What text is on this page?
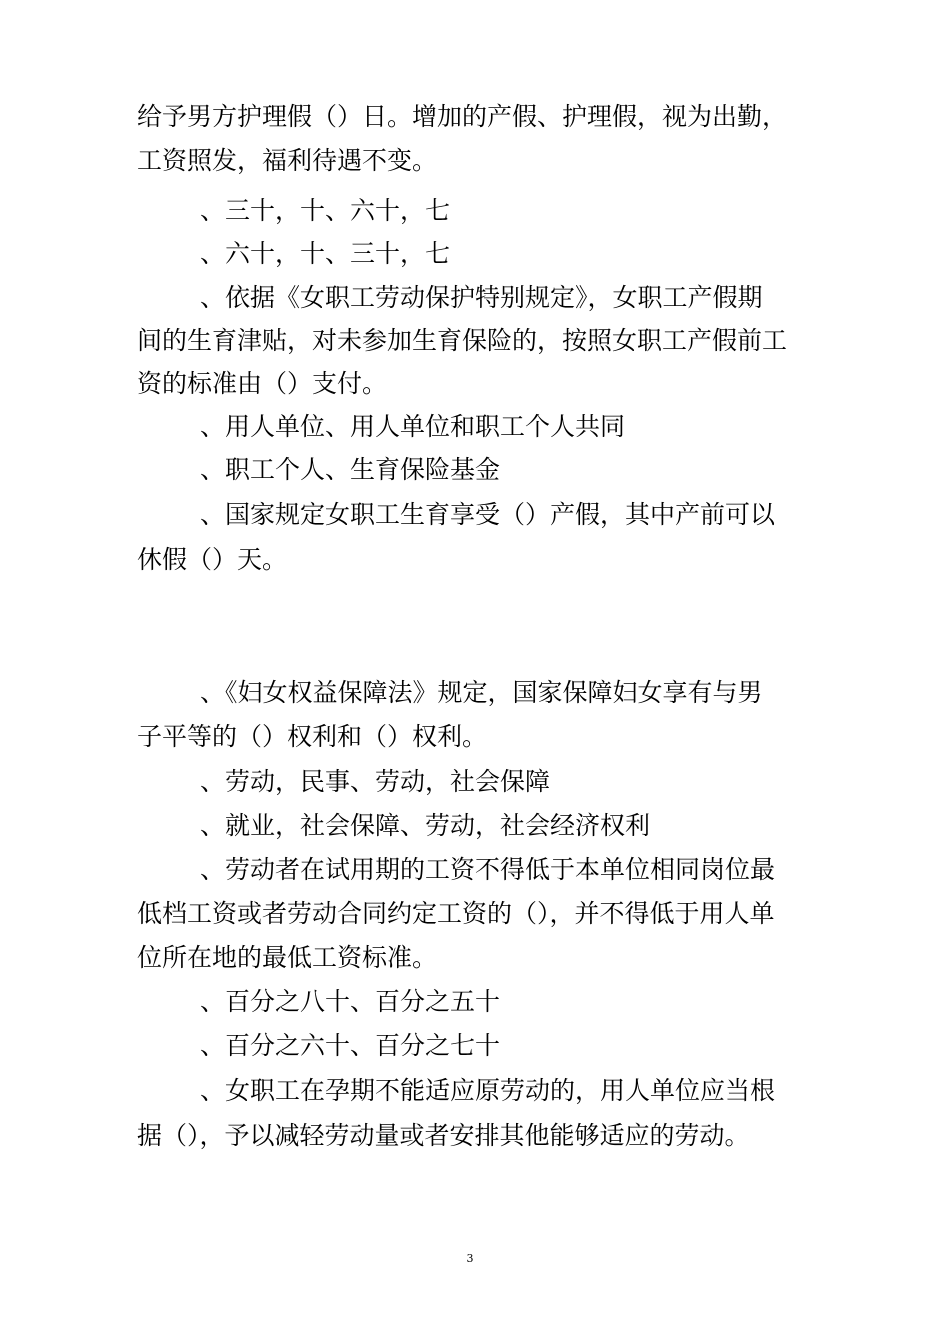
给予男方护理假（）日。增加的产假、护理假，视为出勤，
工资照发，福利待遇不变。
、三十，十、六十，七
、六十，十、三十，七
、依据《女职工劳动保护特别规定》，女职工产假期
间的生育津贴，对未参加生育保险的，按照女职工产假前工
资的标准由（）支付。
、用人单位、用人单位和职工个人共同
、职工个人、生育保险基金
、国家规定女职工生育享受（）产假，其中产前可以
休假（）天。
、《妇女权益保障法》规定，国家保障妇女享有与男
子平等的（）权利和（）权利。
、劳动，民事、劳动，社会保障
、就业，社会保障、劳动，社会经济权利
、劳动者在试用期的工资不得低于本单位相同岗位最
低档工资或者劳动合同约定工资的（），并不得低于用人单
位所在地的最低工资标准。
、百分之八十、百分之五十
、百分之六十、百分之七十
、女职工在孕期不能适应原劳动的，用人单位应当根
据（），予以减轻劳动量或者安排其他能够适应的劳动。
3
